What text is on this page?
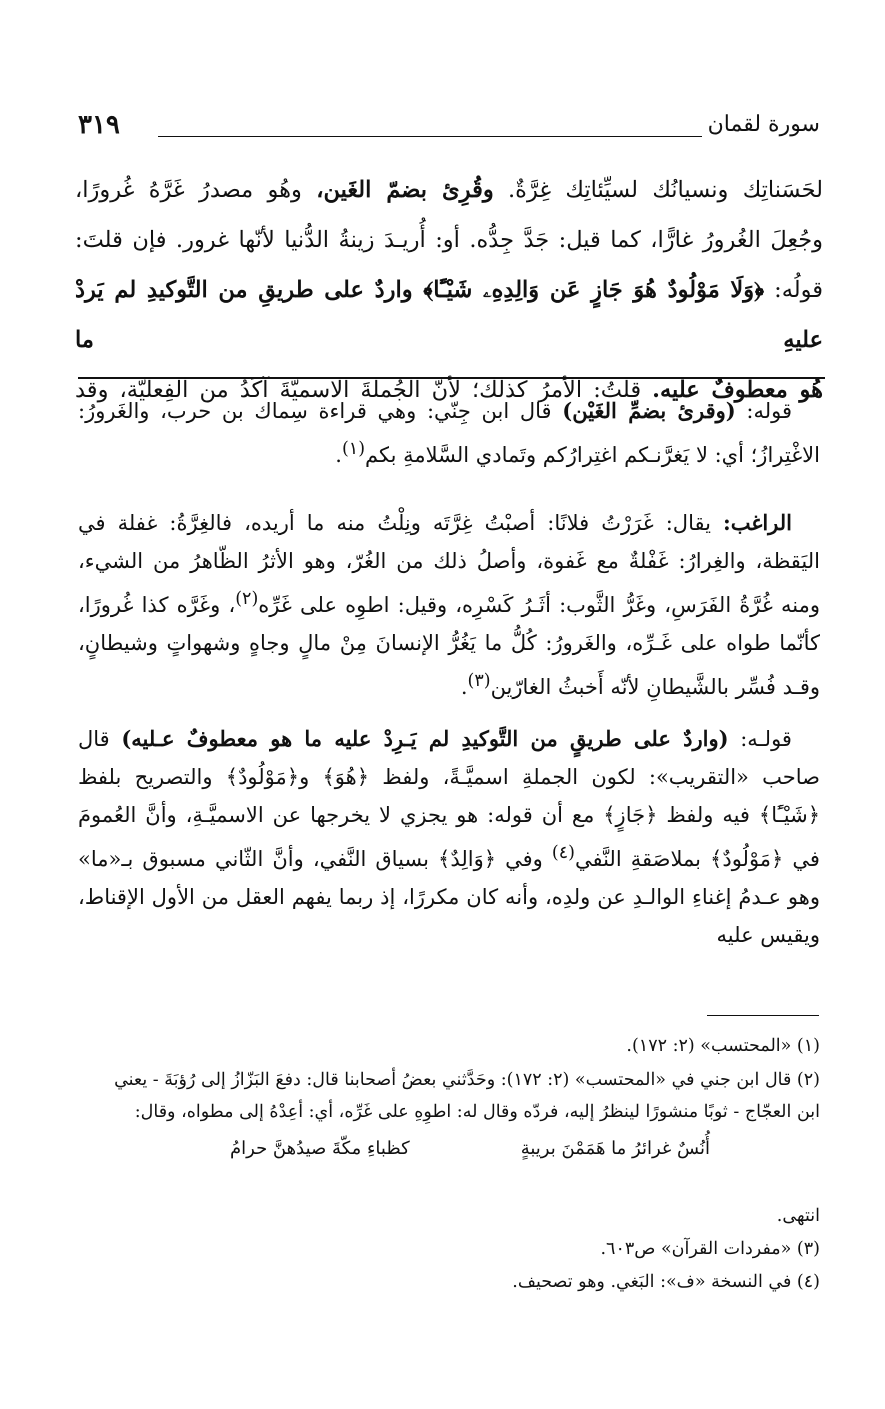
سورة لقمان
٣١٩

لحَسَناتِك ونسيانُك لسيِّئاتِك غِرَّةٌ. وقُرِئ بضمّ الغَين، وهُو مصدرُ غَرَّهُ غُرورًا،

وجُعِلَ الغُرورُ غارًّا، كما قيل: جَدَّ جِدُّه. أو: أُريـدَ زينةُ الدُّنيا لأنّها غرور. فإن قلتَ:

قولُه: ﴿وَلَا مَوْلُودٌ هُوَ جَازٍ عَن وَالِدِهِۦ شَيْـًٔا﴾ واردٌ على طريقِ من التَّوكيدِ لم يَردْ عليهِ ما

هُو معطوفٌ عليه. قلتُ: الأمرُ كذلك؛ لأنّ الجُملةَ الاسميّةَ آكَدُ من الفِعليّة، وقد

قوله: (وقرئ بضمِّ الغَيْن) قال ابن جِنّي: وهي قراءة سِماك بن حرب، والغَرورُ: الاغْتِرازُ؛ أي: لا يَغرَّنـكم اغتِرارُكم وتَمادي السَّلامةِ بكم$^{(١)}$.

الراغب: يقال: غَرَرْتُ فلانًا: أصبْتُ غِرَّتَه ونِلْتُ منه ما أريده، فالغِرَّةُ: غفلة في اليَقظة، والغِرارُ: غَفْلةٌ مع غَفوة، وأصلُ ذلك من الغُرّ، وهو الأثرُ الظّاهرُ من الشيء، ومنه غُرَّةُ الفَرَسِ، وغَرُّ الثَّوب: أثَـرُ كَسْرِه، وقيل: اطوِه على غَرِّه$^{(٢)}$، وغَرَّه كذا غُرورًا، كأنّما طواه على غَـرِّه، والغَرورُ: كُلُّ ما يَغُرُّ الإنسانَ مِنْ مالٍ وجاهٍ وشهواتٍ وشيطانٍ، وقـد فُسِّر بالشَّيطانِ لأنّه أَخبثُ الغارّين$^{(٣)}$.

قولـه: (واردٌ على طريقٍ من التَّوكيدِ لم يَـرِدْ عليه ما هو معطوفٌ عـليه) قال صاحب «التقريب»: لكون الجملةِ اسميَّـةً، ولفظ ﴿هُوَ﴾ و﴿مَوْلُودٌ﴾ والتصريح بلفظ ﴿شَيْـًٔا﴾ فيه ولفظ ﴿جَازٍ﴾ مع أن قوله: هو يجزي لا يخرجها عن الاسميَّـةِ، وأنَّ العُمومَ في ﴿مَوْلُودٌ﴾ بملاصَقةِ النَّفي$^{(٤)}$ وفي ﴿وَالِدٌ﴾ بسياق النَّفي، وأنَّ الثّاني مسبوق بـ«ما» وهو عـدمُ إغناءِ الوالـدِ عن ولدِه، وأنه كان مكررًا، إذ ربما يفهم العقل من الأول الإقناط، ويقيس عليه

(١) «المحتسب» (٢: ١٧٢).

(٢) قال ابن جني في «المحتسب» (٢: ١٧٢): وحَدَّثني بعضُ أصحابنا قال: دفعَ البَزّازُ إلى رُؤبَةَ - يعني

ابن العجّاج - ثوبًا منشورًا لينظرُ إليه، فردّه وقال له: اطوِهِ على غَرِّه، أي: أعِدْهُ إلى مطواه، وقال:

أُنُسٌ غرائرُ ما هَمَمْنَ بريبةٍ
كظباءِ مكّةَ صيدُهنَّ حرامُ

انتهى.

(٣) «مفردات القرآن» ص٦٠٣.

(٤) في النسخة «ف»: البَغي. وهو تصحيف.
